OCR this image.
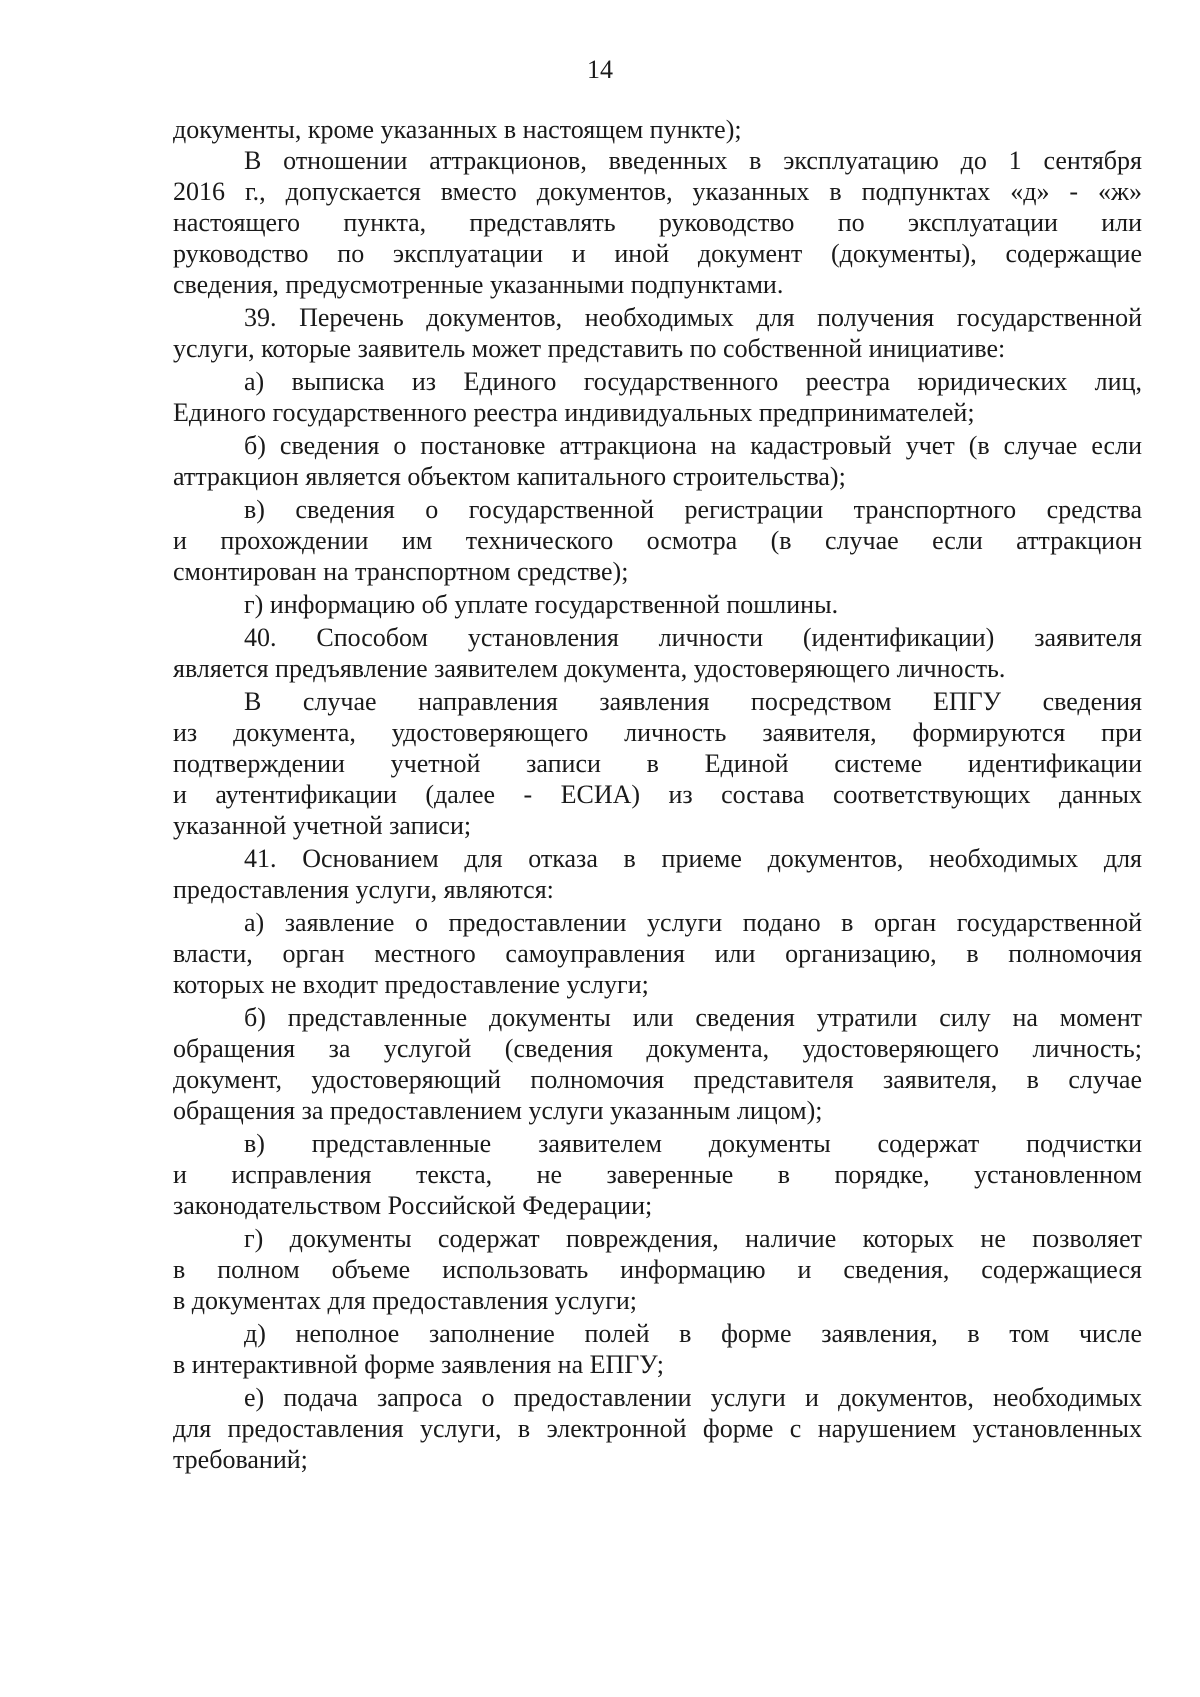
14

документы, кроме указанных в настоящем пункте);

В отношении аттракционов, введенных в эксплуатацию до 1 сентября

2016 г., допускается вместо документов, указанных в подпунктах «д» - «ж»

настоящего пункта, представлять руководство по эксплуатации или

руководство по эксплуатации и иной документ (документы), содержащие

сведения, предусмотренные указанными подпунктами.

39. Перечень документов, необходимых для получения государственной

услуги, которые заявитель может представить по собственной инициативе:

а) выписка из Единого государственного реестра юридических лиц,

Единого государственного реестра индивидуальных предпринимателей;

б) сведения о постановке аттракциона на кадастровый учет (в случае если

аттракцион является объектом капитального строительства);

в) сведения о государственной регистрации транспортного средства

и прохождении им технического осмотра (в случае если аттракцион

смонтирован на транспортном средстве);

г) информацию об уплате государственной пошлины.

40. Способом установления личности (идентификации) заявителя

является предъявление заявителем документа, удостоверяющего личность.

В случае направления заявления посредством ЕПГУ сведения

из документа, удостоверяющего личность заявителя, формируются при

подтверждении учетной записи в Единой системе идентификации

и аутентификации (далее - ЕСИА) из состава соответствующих данных

указанной учетной записи;

41. Основанием для отказа в приеме документов, необходимых для

предоставления услуги, являются:

а) заявление о предоставлении услуги подано в орган государственной

власти, орган местного самоуправления или организацию, в полномочия

которых не входит предоставление услуги;

б) представленные документы или сведения утратили силу на момент

обращения за услугой (сведения документа, удостоверяющего личность;

документ, удостоверяющий полномочия представителя заявителя, в случае

обращения за предоставлением услуги указанным лицом);

в) представленные заявителем документы содержат подчистки

и исправления текста, не заверенные в порядке, установленном

законодательством Российской Федерации;

г) документы содержат повреждения, наличие которых не позволяет

в полном объеме использовать информацию и сведения, содержащиеся

в документах для предоставления услуги;

д) неполное заполнение полей в форме заявления, в том числе

в интерактивной форме заявления на ЕПГУ;

е) подача запроса о предоставлении услуги и документов, необходимых

для предоставления услуги, в электронной форме с нарушением установленных

требований;
